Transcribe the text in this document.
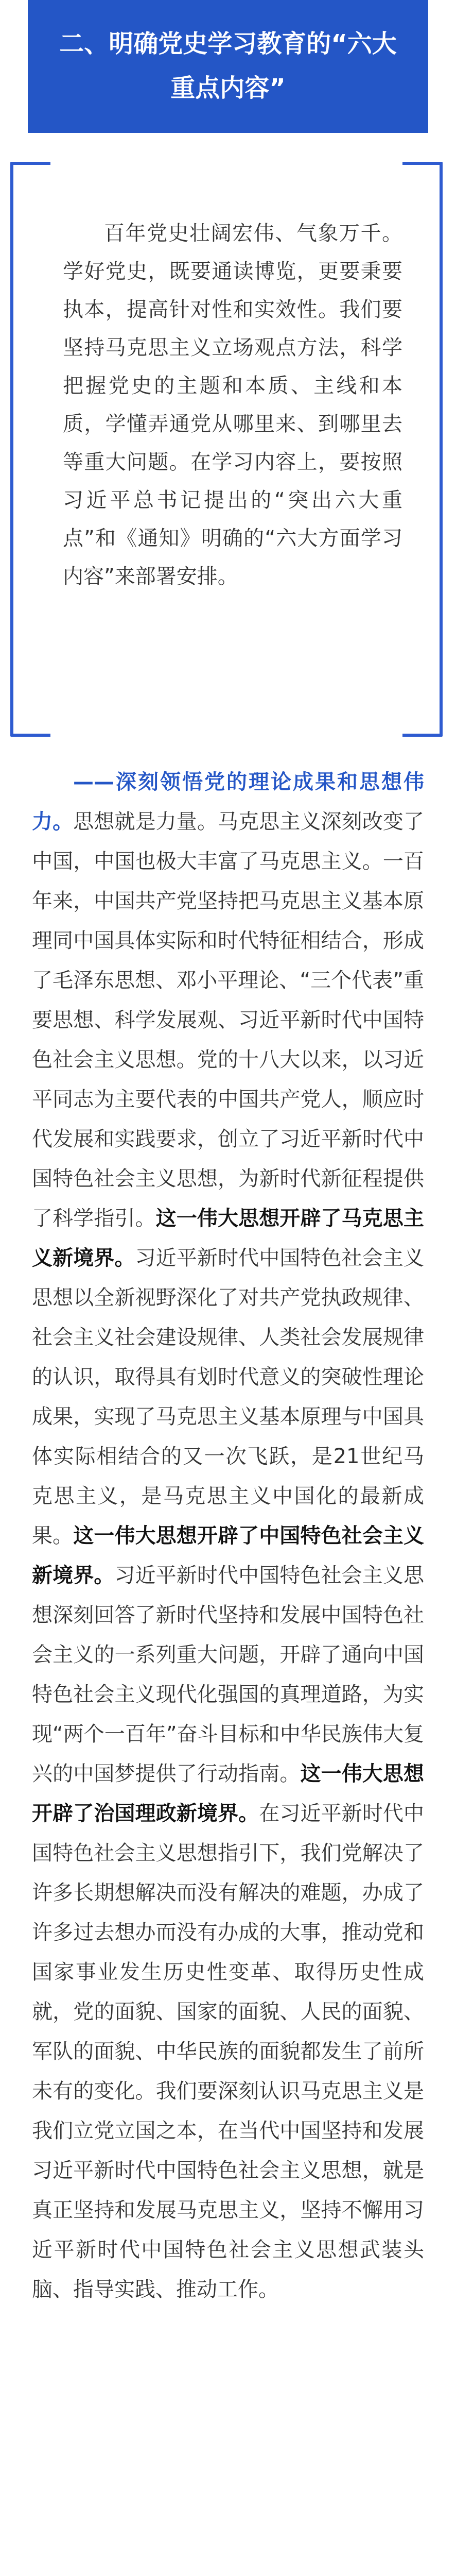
二、明确党史学习教育的“六大
重点内容”
百年党史壮阔宏伟、气象万千。学好党史，既要通读博览，更要秉要执本，提高针对性和实效性。我们要坚持马克思主义立场观点方法，科学把握党史的主题和本质、主线和本质，学懂弄通党从哪里来、到哪里去等重大问题。在学习内容上，要按照习近平总书记提出的“突出六大重点”和《通知》明确的“六大方面学习内容”来部署安排。
——深刻领悟党的理论成果和思想伟力。思想就是力量。马克思主义深刻改变了中国，中国也极大丰富了马克思主义。一百年来，中国共产党坚持把马克思主义基本原理同中国具体实际和时代特征相结合，形成了毛泽东思想、邓小平理论、“三个代表”重要思想、科学发展观、习近平新时代中国特色社会主义思想。党的十八大以来，以习近平同志为主要代表的中国共产党人，顺应时代发展和实践要求，创立了习近平新时代中国特色社会主义思想，为新时代新征程提供了科学指引。这一伟大思想开辟了马克思主义新境界。习近平新时代中国特色社会主义思想以全新视野深化了对共产党执政规律、社会主义社会建设规律、人类社会发展规律的认识，取得具有划时代意义的突破性理论成果，实现了马克思主义基本原理与中国具体实际相结合的又一次飞跃，是21世纪马克思主义，是马克思主义中国化的最新成果。这一伟大思想开辟了中国特色社会主义新境界。习近平新时代中国特色社会主义思想深刻回答了新时代坚持和发展中国特色社会主义的一系列重大问题，开辟了通向中国特色社会主义现代化强国的真理道路，为实现“两个一百年”奋斗目标和中华民族伟大复兴的中国梦提供了行动指南。这一伟大思想开辟了治国理政新境界。在习近平新时代中国特色社会主义思想指引下，我们党解决了许多长期想解决而没有解决的难题，办成了许多过去想办而没有办成的大事，推动党和国家事业发生历史性变革、取得历史性成就，党的面貌、国家的面貌、人民的面貌、军队的面貌、中华民族的面貌都发生了前所未有的变化。我们要深刻认识马克思主义是我们立党立国之本，在当代中国坚持和发展习近平新时代中国特色社会主义思想，就是真正坚持和发展马克思主义，坚持不懈用习近平新时代中国特色社会主义思想武装头脑、指导实践、推动工作。
